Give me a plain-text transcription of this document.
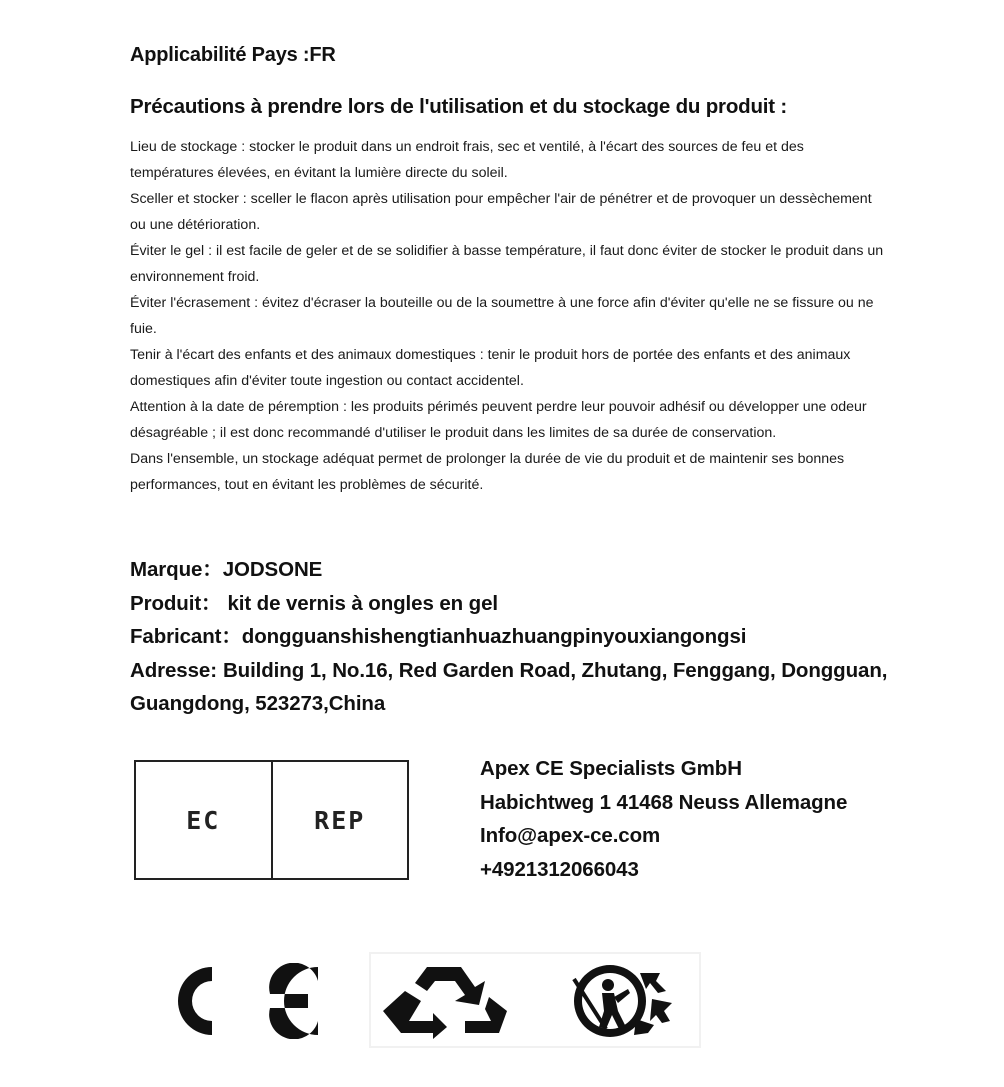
Applicabilité Pays :FR
Précautions à prendre lors de l'utilisation et du stockage du produit :

Lieu de stockage : stocker le produit dans un endroit frais, sec et ventilé, à l'écart des sources de feu et des températures élevées, en évitant la lumière directe du soleil.

Sceller et stocker : sceller le flacon après utilisation pour empêcher l'air de pénétrer et de provoquer un dessèchement ou une détérioration.

Éviter le gel : il est facile de geler et de se solidifier à basse température, il faut donc éviter de stocker le produit dans un environnement froid.

Éviter l'écrasement : évitez d'écraser la bouteille ou de la soumettre à une force afin d'éviter qu'elle ne se fissure ou ne fuie.

Tenir à l'écart des enfants et des animaux domestiques : tenir le produit hors de portée des enfants et des animaux domestiques afin d'éviter toute ingestion ou contact accidentel.

Attention à la date de péremption : les produits périmés peuvent perdre leur pouvoir adhésif ou développer une odeur désagréable ; il est donc recommandé d'utiliser le produit dans les limites de sa durée de conservation.

Dans l'ensemble, un stockage adéquat permet de prolonger la durée de vie du produit et de maintenir ses bonnes performances, tout en évitant les problèmes de sécurité.

Marque：JODSONE
Produit： kit de vernis à ongles en gel
Fabricant：dongguanshishengtianhuazhuangpinyouxiangongsi
Adresse: Building 1, No.16, Red Garden Road, Zhutang, Fenggang, Dongguan,
Guangdong, 523273,China
EC	REP
Apex CE Specialists GmbH
Habichtweg 1 41468 Neuss Allemagne
Info@apex-ce.com
+4921312066043
